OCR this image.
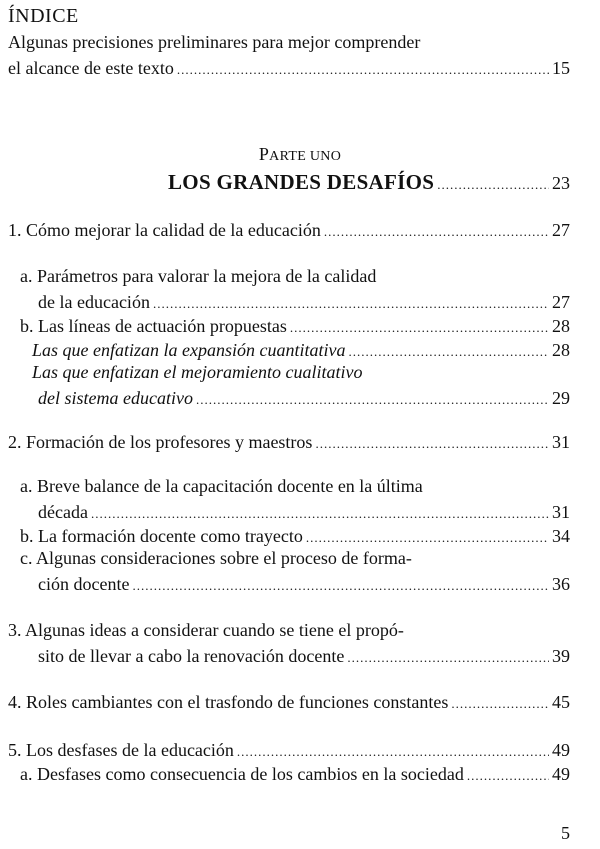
ÍNDICE
Algunas precisiones preliminares para mejor comprender
el alcance de este texto .....	15
PARTE UNO
LOS GRANDES DESAFÍOS .....	23
1. Cómo mejorar la calidad de la educación .....	27
a. Parámetros para valorar la mejora de la calidad
de la educación .....	27
b. Las líneas de actuación propuestas .....	28
Las que enfatizan la expansión cuantitativa .....	28
Las que enfatizan el mejoramiento cualitativo
del sistema educativo .....	29
2. Formación de los profesores y maestros .....	31
a. Breve balance de la capacitación docente en la última
década .....	31
b. La formación docente como trayecto .....	34
c. Algunas consideraciones sobre el proceso de forma-
ción docente .....	36
3. Algunas ideas a considerar cuando se tiene el propó-
sito de llevar a cabo la renovación docente .....	39
4. Roles cambiantes con el trasfondo de funciones constantes .....	45
5. Los desfases de la educación .....	49
a. Desfases como consecuencia de los cambios en la sociedad .....	49
5
